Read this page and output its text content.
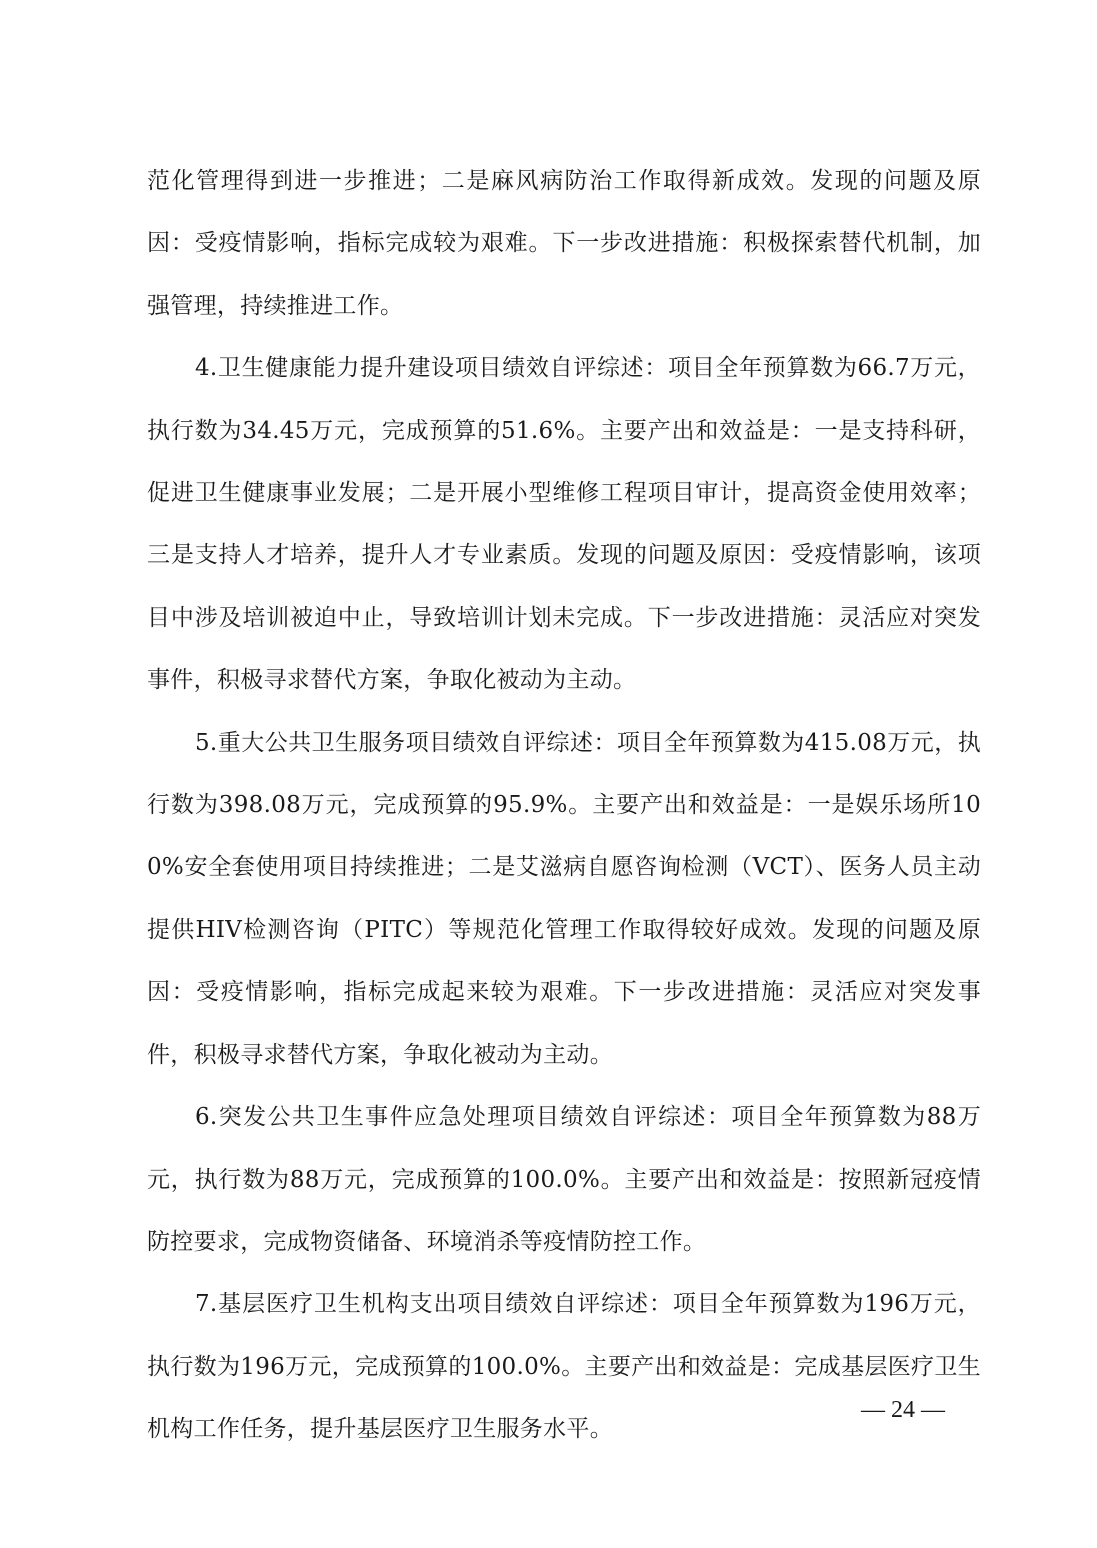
范化管理得到进一步推进；二是麻风病防治工作取得新成效。发现的问题及原因：受疫情影响，指标完成较为艰难。下一步改进措施：积极探索替代机制，加强管理，持续推进工作。

4.卫生健康能力提升建设项目绩效自评综述：项目全年预算数为66.7万元，执行数为34.45万元，完成预算的51.6%。主要产出和效益是：一是支持科研，促进卫生健康事业发展；二是开展小型维修工程项目审计，提高资金使用效率；三是支持人才培养，提升人才专业素质。发现的问题及原因：受疫情影响，该项目中涉及培训被迫中止，导致培训计划未完成。下一步改进措施：灵活应对突发事件，积极寻求替代方案，争取化被动为主动。

5.重大公共卫生服务项目绩效自评综述：项目全年预算数为415.08万元，执行数为398.08万元，完成预算的95.9%。主要产出和效益是：一是娱乐场所100%安全套使用项目持续推进；二是艾滋病自愿咨询检测（VCT）、医务人员主动提供HIV检测咨询（PITC）等规范化管理工作取得较好成效。发现的问题及原因：受疫情影响，指标完成起来较为艰难。下一步改进措施：灵活应对突发事件，积极寻求替代方案，争取化被动为主动。

6.突发公共卫生事件应急处理项目绩效自评综述：项目全年预算数为88万元，执行数为88万元，完成预算的100.0%。主要产出和效益是：按照新冠疫情防控要求，完成物资储备、环境消杀等疫情防控工作。

7.基层医疗卫生机构支出项目绩效自评综述：项目全年预算数为196万元，执行数为196万元，完成预算的100.0%。主要产出和效益是：完成基层医疗卫生机构工作任务，提升基层医疗卫生服务水平。

— 24 —
